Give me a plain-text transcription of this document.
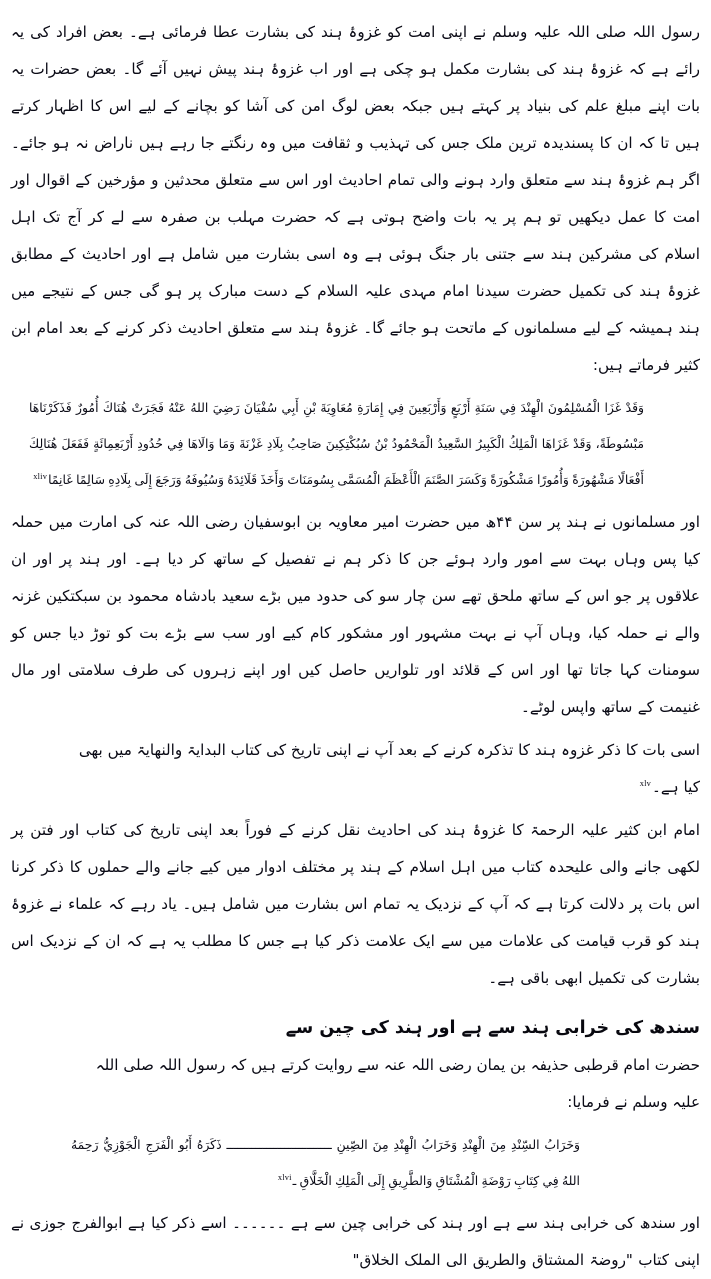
رسول اللہ صلی اللہ علیہ وسلم نے اپنی امت کو غزوۂ ہند کی بشارت عطا فرمائی ہے۔ بعض افراد کی یہ رائے ہے کہ غزوۂ ہند کی بشارت مکمل ہو چکی ہے اور اب غزوۂ ہند پیش نہیں آئے گا۔ بعض حضرات یہ بات اپنے مبلغ علم کی بنیاد پر کہتے ہیں جبکہ بعض لوگ امن کی آشا کو بچانے کے لیے اس کا اظہار کرتے ہیں تا کہ ان کا پسندیدہ ترین ملک جس کی تہذیب و ثقافت میں وہ رنگتے جا رہے ہیں ناراض نہ ہو جائے۔ اگر ہم غزوۂ ہند سے متعلق وارد ہونے والی تمام احادیث اور اس سے متعلق محدثین و مؤرخین کے اقوال اور امت کا عمل دیکھیں تو ہم پر یہ بات واضح ہوتی ہے کہ حضرت مہلب بن صفرہ سے لے کر آج تک اہل اسلام کی مشرکین ہند سے جتنی بار جنگ ہوئی ہے وہ اسی بشارت میں شامل ہے اور احادیث کے مطابق غزوۂ ہند کی تکمیل حضرت سیدنا امام مہدی علیہ السلام کے دست مبارک پر ہو گی جس کے نتیجے میں ہند ہمیشہ کے لیے مسلمانوں کے ماتحت ہو جائے گا۔ غزوۂ ہند سے متعلق احادیث ذکر کرنے کے بعد امام ابن کثیر فرماتے ہیں:

وَقَدْ غَزَا الْمُسْلِمُونَ الْهِنْدَ فِي سَنَةِ أَرْبَعٍ وَأَرْبَعِينَ فِي إِمَارَةِ مُعَاوِيَةَ بْنِ أَبِي سُفْيَانَ رَضِيَ اللهُ عَنْهُ فَجَرَتْ هُنَاكَ أُمُورٌ فَذَكَرْنَاهَا مَبْسُوطَةً، وَقَدْ غَزَاهَا الْمَلِكُ الْكَبِيرُ السَّعِيدُ الْمَحْمُودُ بْنُ سُبُكْتِكِينَ صَاحِبُ بِلَادِ غَزْنَةَ وَمَا وَالَاهَا فِي حُدُودِ أَرْبَعِمِائَةٍ فَفَعَلَ هُنَالِكَ أَفْعَالًا مَشْهُورَةً وَأُمُورًا مَشْكُورَةً وَكَسَرَ الصَّنَمَ الْأَعْظَمَ الْمُسَمَّى بِسُومَنَاتَ وَأَخَذَ قَلَائِدَهُ وَسُيُوفَهُ وَرَجَعَ إِلَى بِلَادِهِ سَالِمًا غَانِمًا$^{xliv}$

اور مسلمانوں نے ہند پر سن ۴۴ھ میں حضرت امیر معاویہ بن ابوسفیان رضی اللہ عنہ کی امارت میں حملہ کیا پس وہاں بہت سے امور وارد ہوئے جن کا ذکر ہم نے تفصیل کے ساتھ کر دیا ہے۔ اور ہند پر اور ان علاقوں پر جو اس کے ساتھ ملحق تھے سن چار سو کی حدود میں بڑے سعید بادشاہ محمود بن سبکتکین غزنہ والے نے حملہ کیا، وہاں آپ نے بہت مشہور اور مشکور کام کیے اور سب سے بڑے بت کو توڑ دیا جس کو سومنات کہا جاتا تھا اور اس کے قلائد اور تلواریں حاصل کیں اور اپنے زہروں کی طرف سلامتی اور مال غنیمت کے ساتھ واپس لوٹے۔

اسی بات کا ذکر غزوہ ہند کا تذکرہ کرنے کے بعد آپ نے اپنی تاریخ کی کتاب البدایۃ والنھایۃ میں بھی کیا ہے۔$^{xlv}$

امام ابن کثیر علیہ الرحمۃ کا غزوۂ ہند کی احادیث نقل کرنے کے فوراً بعد اپنی تاریخ کی کتاب اور فتن پر لکھی جانے والی علیحدہ کتاب میں اہل اسلام کے ہند پر مختلف ادوار میں کیے جانے والے حملوں کا ذکر کرنا اس بات پر دلالت کرتا ہے کہ آپ کے نزدیک یہ تمام اس بشارت میں شامل ہیں۔ یاد رہے کہ علماء نے غزوۂ ہند کو قرب قیامت کی علامات میں سے ایک علامت ذکر کیا ہے جس کا مطلب یہ ہے کہ ان کے نزدیک اس بشارت کی تکمیل ابھی باقی ہے۔

سندھ کی خرابی ہند سے ہے اور ہند کی چین سے

حضرت امام قرطبی حذیفہ بن یمان رضی اللہ عنہ سے روایت کرتے ہیں کہ رسول اللہ صلی اللہ علیہ وسلم نے فرمایا:

وَخَرَابُ السِّنْدِ مِنَ الْهِنْدِ وَخَرَابُ الْهِنْدِ مِنَ الصِّينِ ـــــــــــــــــــــــــــــ ذَكَرَهُ أَبُو الْفَرَجِ الْجَوْزِيُّ رَحِمَهُ اللهُ فِي كِتَابِ رَوْضَةِ الْمُشْتَاقِ وَالطَّرِيقِ إِلَى الْمَلِكِ الْخَلَّاقِ ـ$^{xlvi}$

اور سندھ کی خرابی ہند سے ہے اور ہند کی خرابی چین سے ہے ۔۔۔۔۔۔ اسے ذکر کیا ہے ابوالفرج جوزی نے اپنی کتاب "روضۃ المشتاق والطریق الی الملک الخلاق"
